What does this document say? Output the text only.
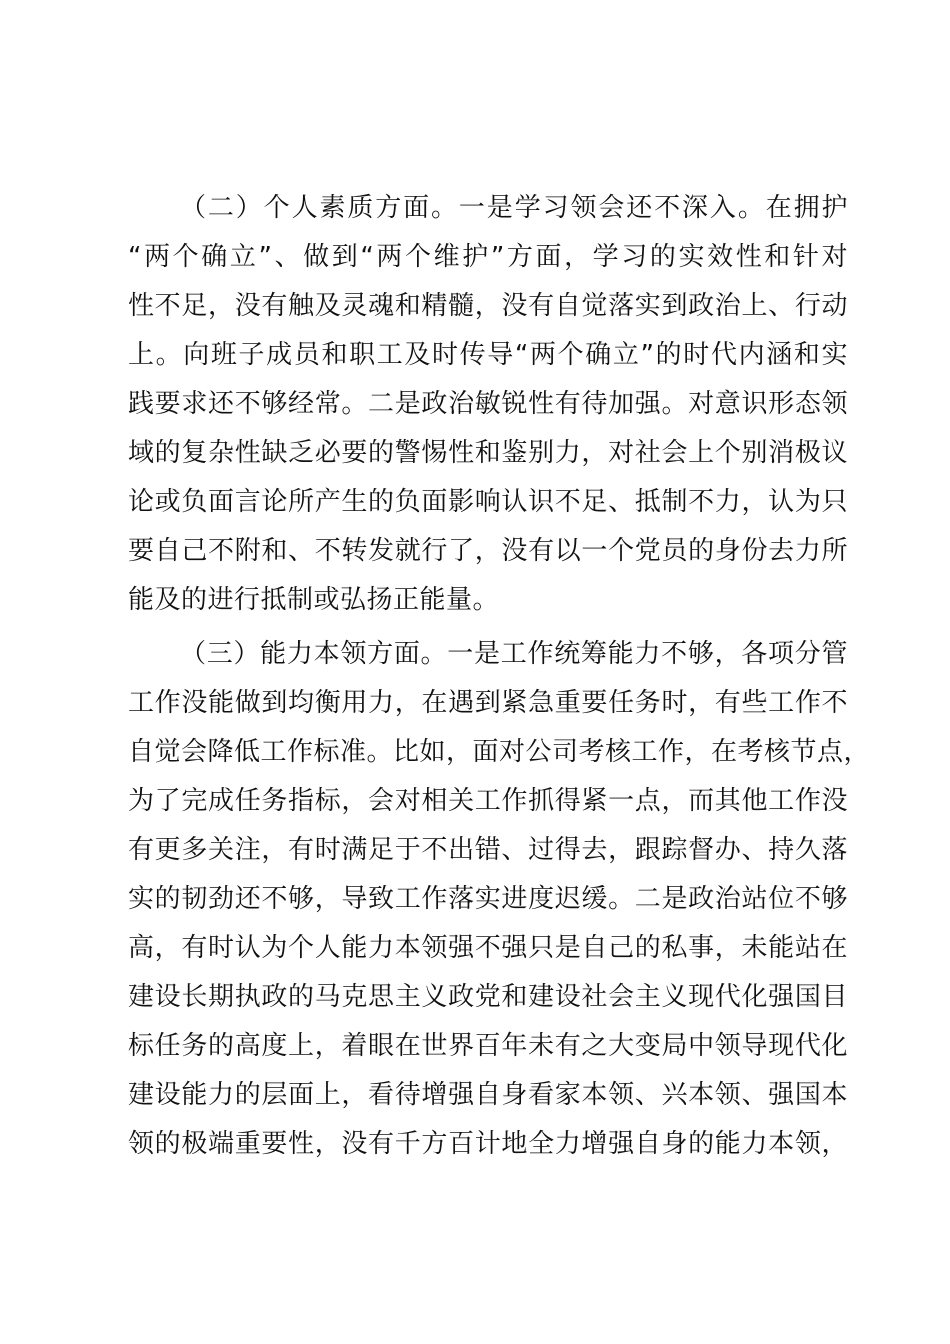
（二）个人素质方面。一是学习领会还不深入。在拥护
“两个确立”、做到“两个维护”方面，学习的实效性和针对
性不足，没有触及灵魂和精髓，没有自觉落实到政治上、行动
上。向班子成员和职工及时传导“两个确立”的时代内涵和实
践要求还不够经常。二是政治敏锐性有待加强。对意识形态领
域的复杂性缺乏必要的警惕性和鉴别力，对社会上个别消极议
论或负面言论所产生的负面影响认识不足、抵制不力，认为只
要自己不附和、不转发就行了，没有以一个党员的身份去力所
能及的进行抵制或弘扬正能量。
（三）能力本领方面。一是工作统筹能力不够，各项分管
工作没能做到均衡用力，在遇到紧急重要任务时，有些工作不
自觉会降低工作标准。比如，面对公司考核工作，在考核节点，
为了完成任务指标，会对相关工作抓得紧一点，而其他工作没
有更多关注，有时满足于不出错、过得去，跟踪督办、持久落
实的韧劲还不够，导致工作落实进度迟缓。二是政治站位不够
高，有时认为个人能力本领强不强只是自己的私事，未能站在
建设长期执政的马克思主义政党和建设社会主义现代化强国目
标任务的高度上，着眼在世界百年未有之大变局中领导现代化
建设能力的层面上，看待增强自身看家本领、兴本领、强国本
领的极端重要性，没有千方百计地全力增强自身的能力本领，
